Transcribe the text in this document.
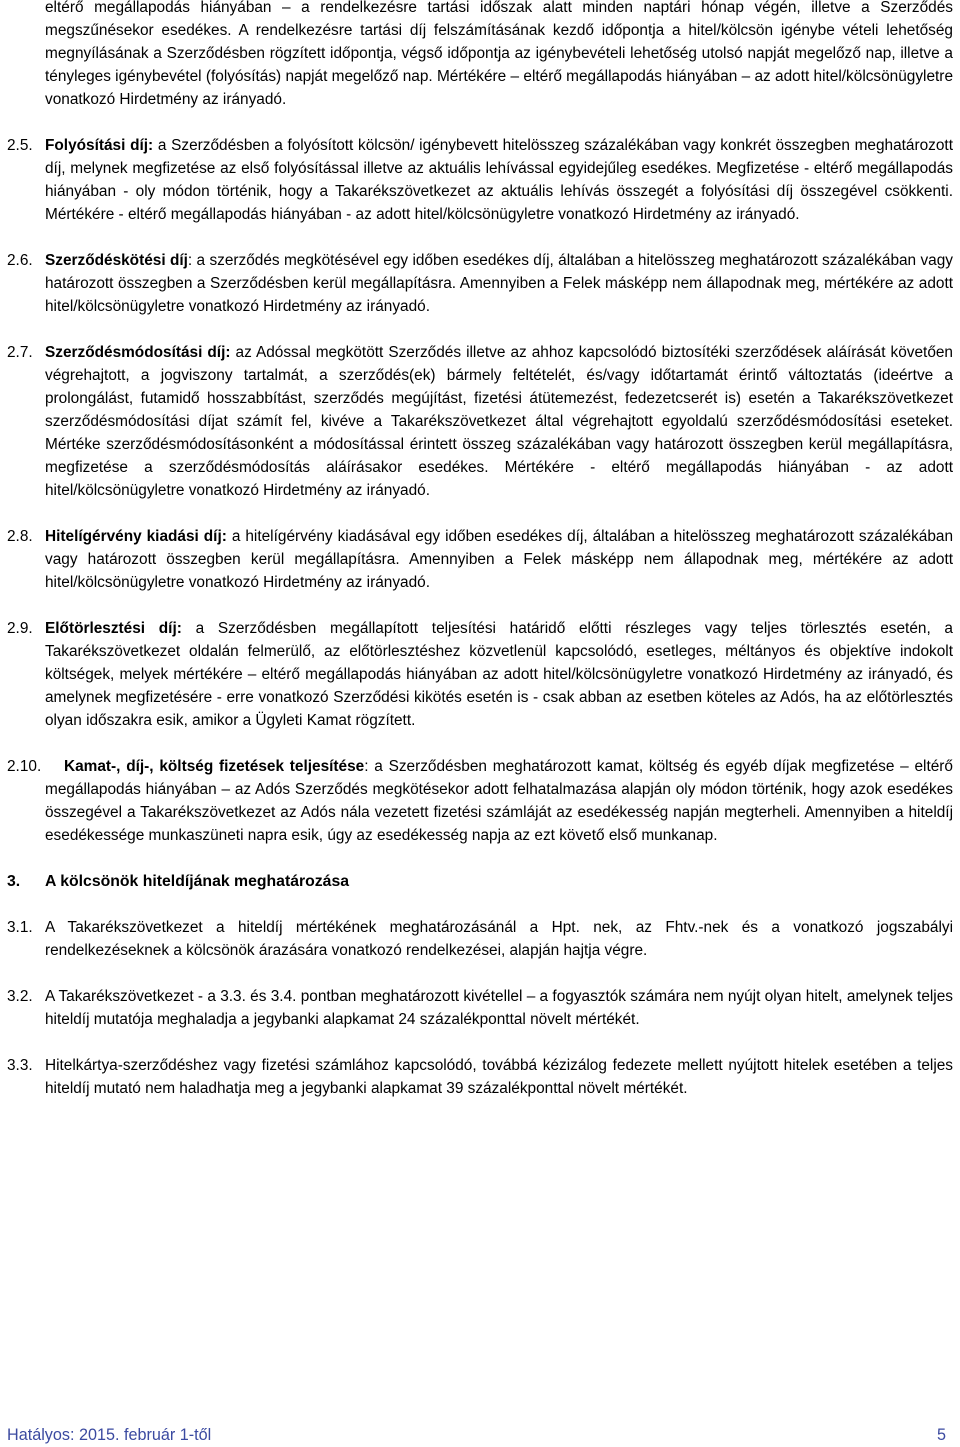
eltérő megállapodás hiányában – a rendelkezésre tartási időszak alatt minden naptári hónap végén, illetve a Szerződés megszűnésekor esedékes. A rendelkezésre tartási díj felszámításának kezdő időpontja a hitel/kölcsön igénybe vételi lehetőség megnyílásának a Szerződésben rögzített időpontja, végső időpontja az igénybevételi lehetőség utolsó napját megelőző nap, illetve a tényleges igénybevétel (folyósítás) napját megelőző nap. Mértékére – eltérő megállapodás hiányában – az adott hitel/kölcsönügyletre vonatkozó Hirdetmény az irányadó.
2.5. Folyósítási díj: a Szerződésben a folyósított kölcsön/ igénybevett hitelösszeg százalékában vagy konkrét összegben meghatározott díj, melynek megfizetése az első folyósítással illetve az aktuális lehívással egyidejűleg esedékes. Megfizetése - eltérő megállapodás hiányában - oly módon történik, hogy a Takarékszövetkezet az aktuális lehívás összegét a folyósítási díj összegével csökkenti. Mértékére - eltérő megállapodás hiányában - az adott hitel/kölcsönügyletre vonatkozó Hirdetmény az irányadó.
2.6. Szerződéskötési díj: a szerződés megkötésével egy időben esedékes díj, általában a hitelösszeg meghatározott százalékában vagy határozott összegben a Szerződésben kerül megállapításra. Amennyiben a Felek másképp nem állapodnak meg, mértékére az adott hitel/kölcsönügyletre vonatkozó Hirdetmény az irányadó.
2.7. Szerződésmódosítási díj: az Adóssal megkötött Szerződés illetve az ahhoz kapcsolódó biztosítéki szerződések aláírását követően végrehajtott, a jogviszony tartalmát, a szerződés(ek) bármely feltételét, és/vagy időtartamát érintő változtatás (ideértve a prolongálást, futamidő hosszabbítást, szerződés megújítást, fizetési átütemezést, fedezetcserét is) esetén a Takarékszövetkezet szerződésmódosítási díjat számít fel, kivéve a Takarékszövetkezet által végrehajtott egyoldalú szerződésmódosítási eseteket. Mértéke szerződésmódosításonként a módosítással érintett összeg százalékában vagy határozott összegben kerül megállapításra, megfizetése a szerződésmódosítás aláírásakor esedékes. Mértékére - eltérő megállapodás hiányában - az adott hitel/kölcsönügyletre vonatkozó Hirdetmény az irányadó.
2.8. Hitelígérvény kiadási díj: a hitelígérvény kiadásával egy időben esedékes díj, általában a hitelösszeg meghatározott százalékában vagy határozott összegben kerül megállapításra. Amennyiben a Felek másképp nem állapodnak meg, mértékére az adott hitel/kölcsönügyletre vonatkozó Hirdetmény az irányadó.
2.9. Előtörlesztési díj: a Szerződésben megállapított teljesítési határidő előtti részleges vagy teljes törlesztés esetén, a Takarékszövetkezet oldalán felmerülő, az előtörlesztéshez közvetlenül kapcsolódó, esetleges, méltányos és objektíve indokolt költségek, melyek mértékére – eltérő megállapodás hiányában az adott hitel/kölcsönügyletre vonatkozó Hirdetmény az irányadó, és amelynek megfizetésére - erre vonatkozó Szerződési kikötés esetén is - csak abban az esetben köteles az Adós, ha az előtörlesztés olyan időszakra esik, amikor a Ügyleti Kamat rögzített.
2.10.	Kamat-, díj-, költség fizetések teljesítése: a Szerződésben meghatározott kamat, költség és egyéb díjak megfizetése – eltérő megállapodás hiányában – az Adós Szerződés megkötésekor adott felhatalmazása alapján oly módon történik, hogy azok esedékes összegével a Takarékszövetkezet az Adós nála vezetett fizetési számláját az esedékesség napján megterheli. Amennyiben a hiteldíj esedékessége munkaszüneti napra esik, úgy az esedékesség napja az ezt követő első munkanap.
3.	A kölcsönök hiteldíjának meghatározása
3.1. A Takarékszövetkezet a hiteldíj mértékének meghatározásánál a Hpt. nek, az Fhtv.-nek és a vonatkozó jogszabályi rendelkezéseknek a kölcsönök árazására vonatkozó rendelkezései, alapján hajtja végre.
3.2. A Takarékszövetkezet - a 3.3. és 3.4. pontban meghatározott kivétellel – a fogyasztók számára nem nyújt olyan hitelt, amelynek teljes hiteldíj mutatója meghaladja a jegybanki alapkamat 24 százalékponttal növelt mértékét.
3.3. Hitelkártya-szerződéshez vagy fizetési számlához kapcsolódó, továbbá kézizálog fedezete mellett nyújtott hitelek esetében a teljes hiteldíj mutató nem haladhatja meg a jegybanki alapkamat 39 százalékponttal növelt mértékét.
Hatályos: 2015. február 1-től	5
